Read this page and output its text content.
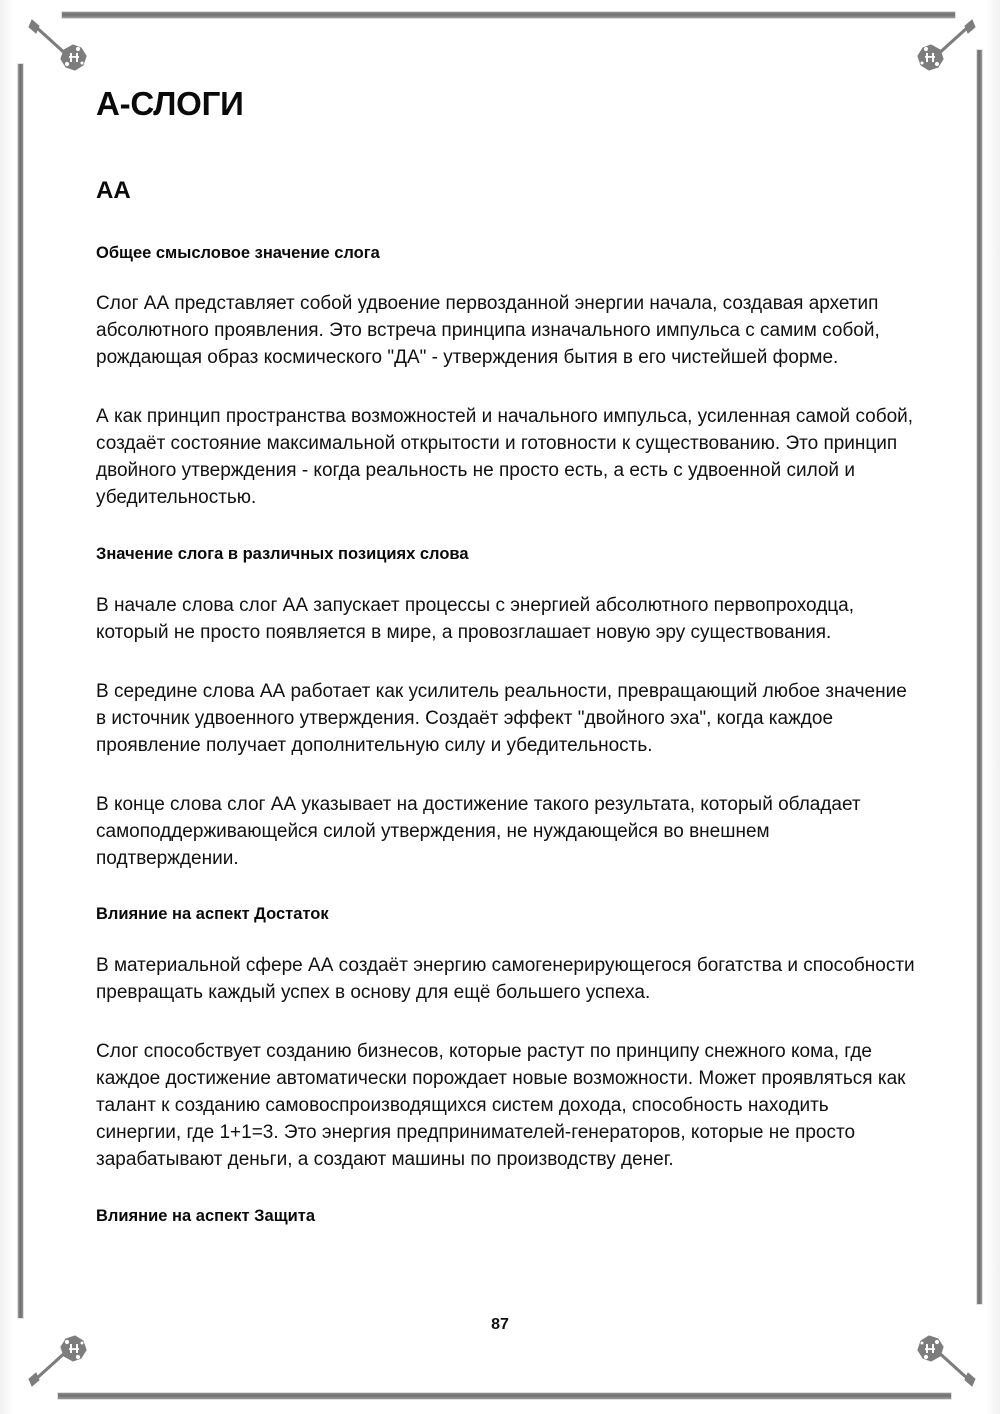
А-СЛОГИ
АА
Общее смысловое значение слога

Слог АА представляет собой удвоение первозданной энергии начала, создавая архетип абсолютного проявления. Это встреча принципа изначального импульса с самим собой, рождающая образ космического "ДА" - утверждения бытия в его чистейшей форме.

А как принцип пространства возможностей и начального импульса, усиленная самой собой, создаёт состояние максимальной открытости и готовности к существованию. Это принцип двойного утверждения - когда реальность не просто есть, а есть с удвоенной силой и убедительностью.

Значение слога в различных позициях слова

В начале слова слог АА запускает процессы с энергией абсолютного первопроходца, который не просто появляется в мире, а провозглашает новую эру существования.

В середине слова АА работает как усилитель реальности, превращающий любое значение в источник удвоенного утверждения. Создаёт эффект "двойного эха", когда каждое проявление получает дополнительную силу и убедительность.

В конце слова слог АА указывает на достижение такого результата, который обладает самоподдерживающейся силой утверждения, не нуждающейся во внешнем подтверждении.

Влияние на аспект Достаток

В материальной сфере АА создаёт энергию самогенерирующегося богатства и способности превращать каждый успех в основу для ещё большего успеха.

Слог способствует созданию бизнесов, которые растут по принципу снежного кома, где каждое достижение автоматически порождает новые возможности. Может проявляться как талант к созданию самовоспроизводящихся систем дохода, способность находить синергии, где 1+1=3. Это энергия предпринимателей-генераторов, которые не просто зарабатывают деньги, а создают машины по производству денег.

Влияние на аспект Защита
87
